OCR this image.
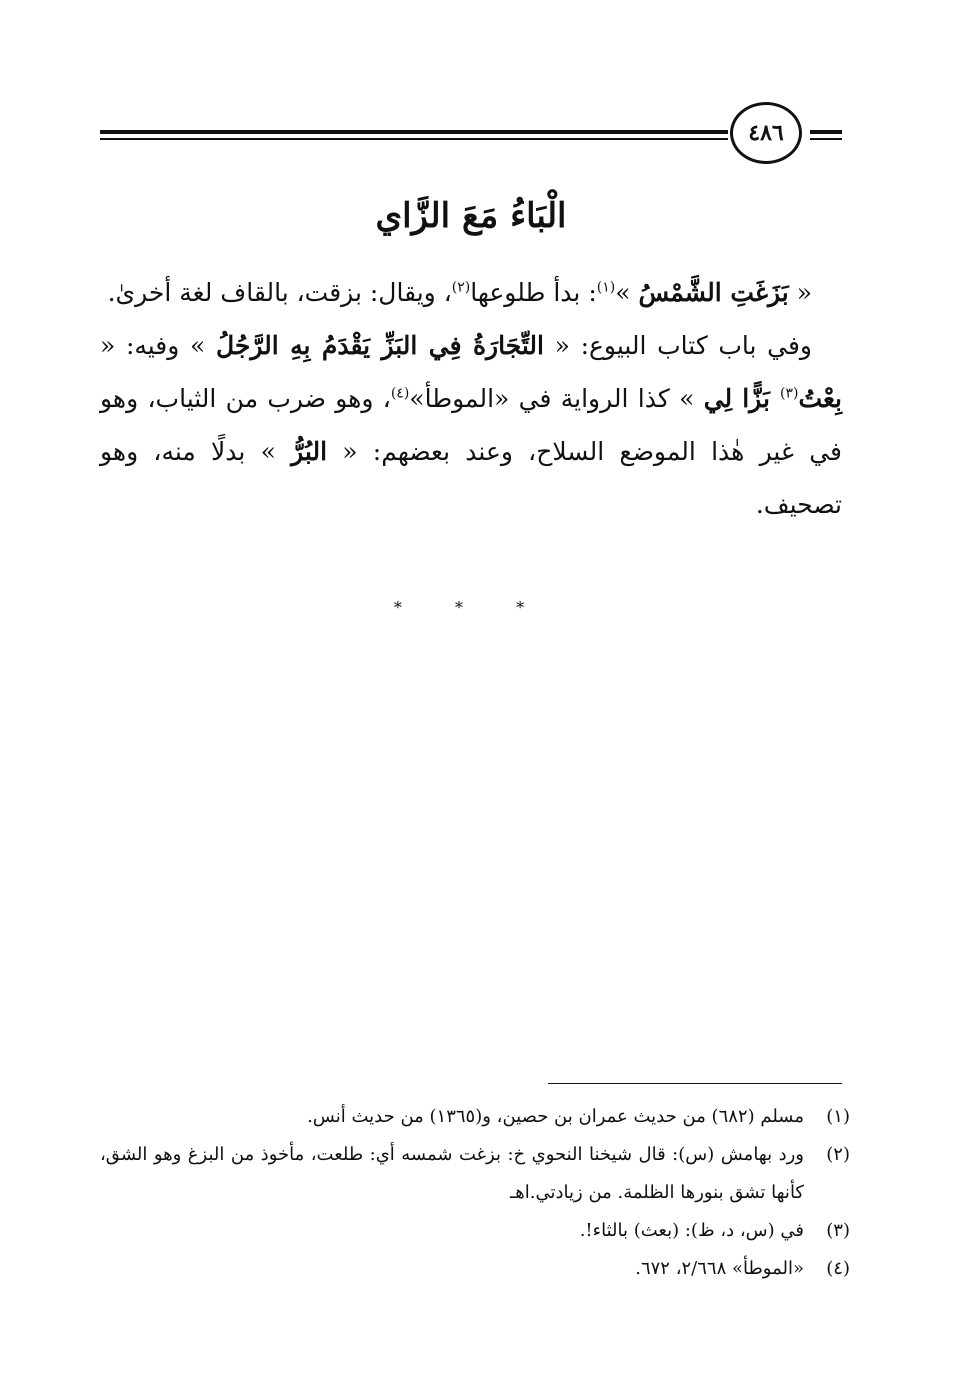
٤٨٦
الْبَاءُ مَعَ الزَّاي

« بَزَغَتِ الشَّمْسُ »$^{(١)}$: بدأ طلوعها$^{(٢)}$، ويقال: بزقت، بالقاف لغة أخرىٰ.

وفي باب كتاب البيوع: « التِّجَارَةُ فِي البَزِّ يَقْدَمُ بِهِ الرَّجُلُ » وفيه: « بِعْتُ$^{(٣)}$ بَزًّا لِي » كذا الرواية في «الموطأ»$^{(٤)}$، وهو ضرب من الثياب، وهو في غير هٰذا الموضع السلاح، وعند بعضهم: « البُرُّ » بدلًا منه، وهو تصحيف.

* * *
(١)
مسلم (٦٨٢) من حديث عمران بن حصين، و(١٣٦٥) من حديث أنس.
(٢)
ورد بهامش (س): قال شيخنا النحوي خ: بزغت شمسه أي: طلعت، مأخوذ من البزغ وهو الشق، كأنها تشق بنورها الظلمة. من زيادتي.اهـ
(٣)
في (س، د، ظ): (بعث) بالثاء!.
(٤)
«الموطأ» ٢/٦٦٨، ٦٧٢.
